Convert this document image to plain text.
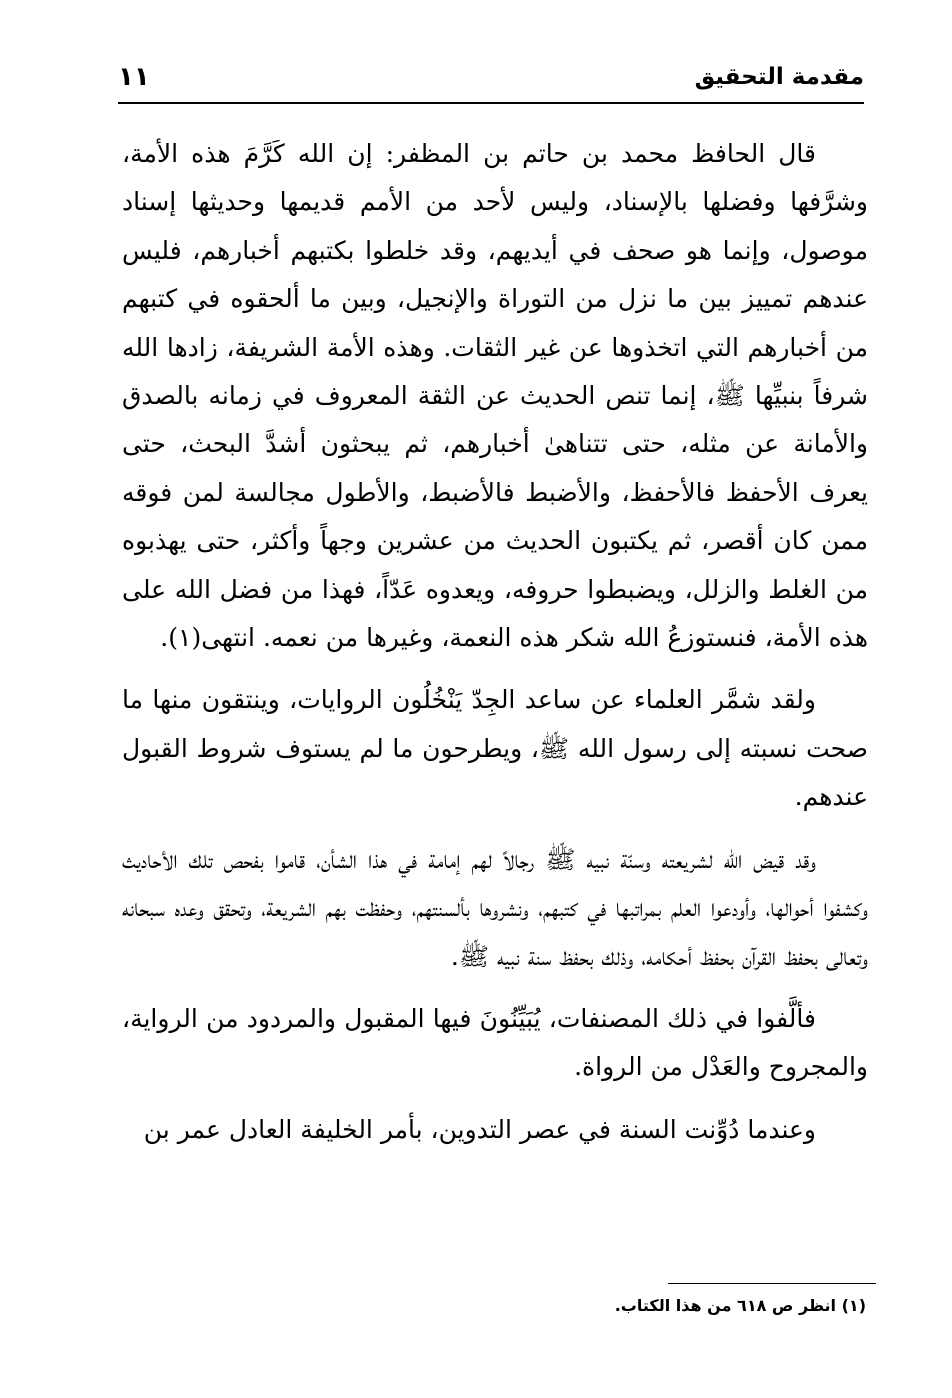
مقدمة التحقيق
١١

قال الحافظ محمد بن حاتم بن المظفر: إن الله كَرَّمَ هذه الأمة، وشرَّفها وفضلها بالإسناد، وليس لأحد من الأمم قديمها وحديثها إسناد موصول، وإنما هو صحف في أيديهم، وقد خلطوا بكتبهم أخبارهم، فليس عندهم تمييز بين ما نزل من التوراة والإنجيل، وبين ما ألحقوه في كتبهم من أخبارهم التي اتخذوها عن غير الثقات. وهذه الأمة الشريفة، زادها الله شرفاً بنبيِّها ﷺ، إنما تنص الحديث عن الثقة المعروف في زمانه بالصدق والأمانة عن مثله، حتى تتناهىٰ أخبارهم، ثم يبحثون أشدَّ البحث، حتى يعرف الأحفظ فالأحفظ، والأضبط فالأضبط، والأطول مجالسة لمن فوقه ممن كان أقصر، ثم يكتبون الحديث من عشرين وجهاً وأكثر، حتى يهذبوه من الغلط والزلل، ويضبطوا حروفه، ويعدوه عَدّاً، فهذا من فضل الله على هذه الأمة، فنستوزعُ الله شكر هذه النعمة، وغيرها من نعمه. انتهى(١).

ولقد شمَّر العلماء عن ساعد الجِدّ يَنْخُلُون الروايات، وينتقون منها ما صحت نسبته إلى رسول الله ﷺ، ويطرحون ما لم يستوف شروط القبول عندهم.

وقد قيض الله لشريعته وسنّة نبيه ﷺ رجالاً لهم إمامة في هذا الشأن، قاموا بفحص تلك الأحاديث وكشفوا أحوالها، وأودعوا العلم بمراتبها في كتبهم، ونشروها بألسنتهم، وحفظت بهم الشريعة، وتحقق وعده سبحانه وتعالى بحفظ القرآن بحفظ أحكامه، وذلك بحفظ سنة نبيه ﷺ.

فألَّفوا في ذلك المصنفات، يُبَيِّنُونَ فيها المقبول والمردود من الرواية، والمجروح والعَدْل من الرواة.

وعندما دُوِّنت السنة في عصر التدوين، بأمر الخليفة العادل عمر بن

(١) انظر ص ٦١٨ من هذا الكتاب.
